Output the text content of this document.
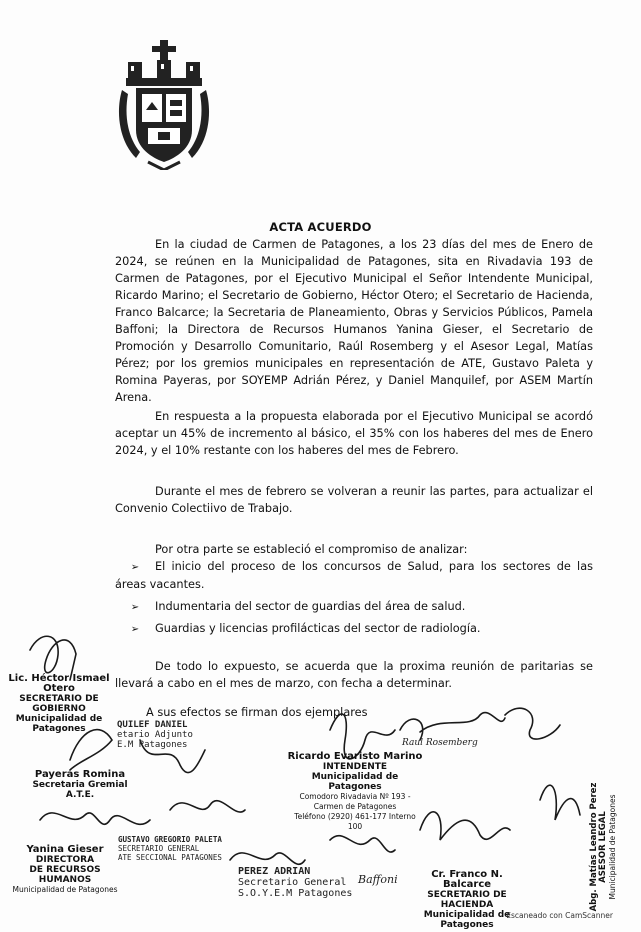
ACTA ACUERDO
En la ciudad de Carmen de Patagones, a los 23 días del mes de Enero de 2024, se reúnen en la Municipalidad de Patagones, sita en Rivadavia 193 de Carmen de Patagones, por el Ejecutivo Municipal el Señor Intendente Municipal, Ricardo Marino; el Secretario de Gobierno, Héctor Otero; el Secretario de Hacienda, Franco Balcarce; la Secretaria de Planeamiento, Obras y Servicios Públicos, Pamela Baffoni; la Directora de Recursos Humanos Yanina Gieser, el Secretario de Promoción y Desarrollo Comunitario, Raúl Rosemberg y el Asesor Legal, Matías Pérez; por los gremios municipales en representación de ATE, Gustavo Paleta y Romina Payeras, por SOYEMP Adrián Pérez, y Daniel Manquilef, por ASEM Martín Arena.
En respuesta a la propuesta elaborada por el Ejecutivo Municipal se acordó aceptar un 45% de incremento al básico, el 35% con los haberes del mes de Enero 2024, y el 10% restante con los haberes del mes de Febrero.
Durante el mes de febrero se volveran a reunir las partes, para actualizar el Convenio Colectiivo de Trabajo.
Por otra parte se estableció el compromiso de analizar:
➢ El inicio del proceso de los concursos de Salud, para los sectores de las áreas vacantes.
➢ Indumentaria del sector de guardias del área de salud.
➢ Guardias y licencias profilácticas del sector de radiología.
De todo lo expuesto, se acuerda que la proxima reunión de paritarias se llevará a cabo en el mes de marzo, con fecha a determinar.
A sus efectos se firman dos ejemplares
Lic. Héctor Ismael Otero
SECRETARIO DE GOBIERNO
Municipalidad de Patagones	QUILEF DANIEL
etario Adjunto
E.M Patagones
Ricardo Evaristo Marino
INTENDENTE
Municipalidad de Patagones
Comodoro Rivadavia Nº 193 - Carmen de Patagones
Teléfono (2920) 461-177 Interno 100
Payeras Romina
Secretaria Gremial
A.T.E.
Yanina Gieser
DIRECTORA
DE RECURSOS HUMANOS
Municipalidad de Patagones
GUSTAVO GREGORIO PALETA
SECRETARIO GENERAL
ATE SECCIONAL PATAGONES
PEREZ ADRIAN
Secretario General
S.O.Y.E.M Patagones
Baffoni
Raul Rosemberg
Cr. Franco N. Balcarce
SECRETARIO DE HACIENDA
Municipalidad de Patagones
Abg. Matías Leandro Perez ASESOR LEGAL Municipalidad de Patagones
Escaneado con CamScanner
